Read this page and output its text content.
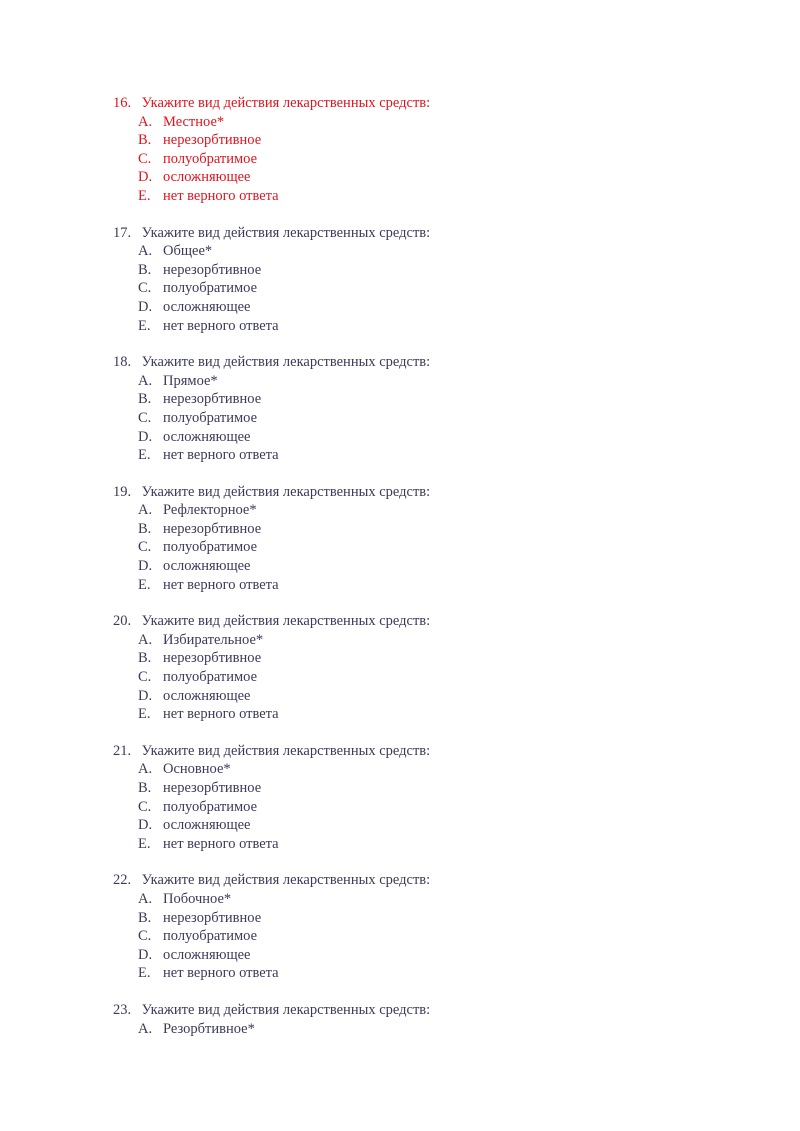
16.
Укажите вид действия лекарственных средств:
A. Местное*
B. нерезорбтивное
C. полуобратимое
D. осложняющее
E. нет верного ответа
17.
Укажите вид действия лекарственных средств:
A. Общее*
B. нерезорбтивное
C. полуобратимое
D. осложняющее
E. нет верного ответа
18.
Укажите вид действия лекарственных средств:
A. Прямое*
B. нерезорбтивное
C. полуобратимое
D. осложняющее
E. нет верного ответа
19.
Укажите вид действия лекарственных средств:
A. Рефлекторное*
B. нерезорбтивное
C. полуобратимое
D. осложняющее
E. нет верного ответа
20.
Укажите вид действия лекарственных средств:
A. Избирательное*
B. нерезорбтивное
C. полуобратимое
D. осложняющее
E. нет верного ответа
21.
Укажите вид действия лекарственных средств:
A. Основное*
B. нерезорбтивное
C. полуобратимое
D. осложняющее
E. нет верного ответа
22.
Укажите вид действия лекарственных средств:
A. Побочное*
B. нерезорбтивное
C. полуобратимое
D. осложняющее
E. нет верного ответа
23.
Укажите вид действия лекарственных средств:
A. Резорбтивное*
